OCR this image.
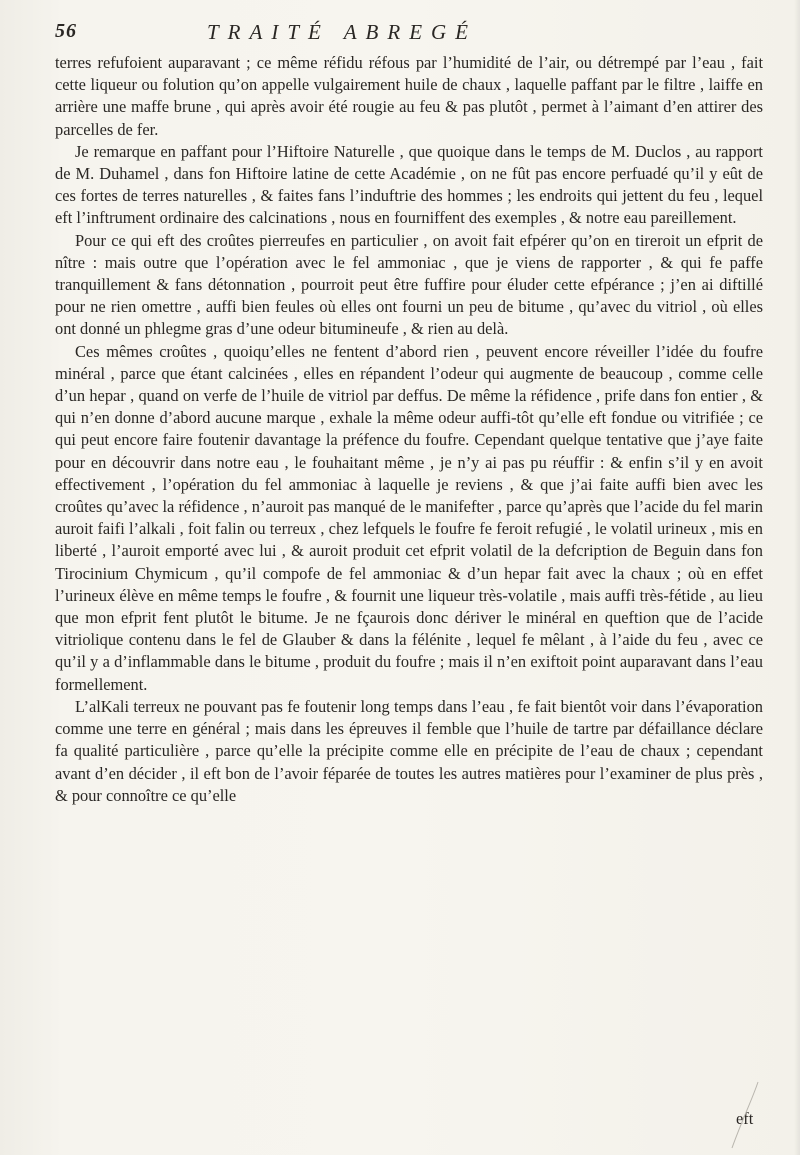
56	TRAITÉ ABREGÉ

terres refufoient auparavant ; ce même réfidu réfous par l’humidité de l’air, ou détrempé par l’eau , fait cette liqueur ou folution qu’on appelle vulgairement huile de chaux , laquelle paffant par le filtre , laiffe en arrière une maffe brune , qui après avoir été rougie au feu & pas plutôt , permet à l’aimant d’en attirer des parcelles de fer.

Je remarque en paffant pour l’Hiftoire Naturelle , que quoique dans le temps de M. Duclos , au rapport de M. Duhamel , dans fon Hiftoire latine de cette Académie , on ne fût pas encore perfuadé qu’il y eût de ces fortes de terres naturelles , & faites fans l’induftrie des hommes ; les endroits qui jettent du feu , lequel eft l’inftrument ordinaire des calcinations , nous en fourniffent des exemples , & notre eau pareillement.

Pour ce qui eft des croûtes pierreufes en particulier , on avoit fait efpérer qu’on en tireroit un efprit de nître : mais outre que l’opération avec le fel ammoniac , que je viens de rapporter , & qui fe paffe tranquillement & fans détonnation , pourroit peut être fuffire pour éluder cette efpérance ; j’en ai diftillé pour ne rien omettre , auffi bien feules où elles ont fourni un peu de bitume , qu’avec du vitriol , où elles ont donné un phlegme gras d’une odeur bitumineufe , & rien au delà.

Ces mêmes croûtes , quoiqu’elles ne fentent d’abord rien , peuvent encore réveiller l’idée du foufre minéral , parce que étant calcinées , elles en répandent l’odeur qui augmente de beaucoup , comme celle d’un hepar , quand on verfe de l’huile de vitriol par deffus. De même la réfidence , prife dans fon entier , & qui n’en donne d’abord aucune marque , exhale la même odeur auffi-tôt qu’elle eft fondue ou vitrifiée ; ce qui peut encore faire foutenir davantage la préfence du foufre. Cependant quelque tentative que j’aye faite pour en découvrir dans notre eau , le fouhaitant même , je n’y ai pas pu réuffir : & enfin s’il y en avoit effectivement , l’opération du fel ammoniac à laquelle je reviens , & que j’ai faite auffi bien avec les croûtes qu’avec la réfidence , n’auroit pas manqué de le manifefter , parce qu’après que l’acide du fel marin auroit faifi l’alkali , foit falin ou terreux , chez lefquels le foufre fe feroit refugié , le volatil urineux , mis en liberté , l’auroit emporté avec lui , & auroit produit cet efprit volatil de la defcription de Beguin dans fon Tirocinium Chymicum , qu’il compofe de fel ammoniac & d’un hepar fait avec la chaux ; où en effet l’urineux élève en même temps le foufre , & fournit une liqueur très-volatile , mais auffi très-fétide , au lieu que mon efprit fent plutôt le bitume. Je ne fçaurois donc dériver le minéral en queftion que de l’acide vitriolique contenu dans le fel de Glauber & dans la félénite , lequel fe mêlant , à l’aide du feu , avec ce qu’il y a d’inflammable dans le bitume , produit du foufre ; mais il n’en exiftoit point auparavant dans l’eau formellement.

L’alKali terreux ne pouvant pas fe foutenir long temps dans l’eau , fe fait bientôt voir dans l’évaporation comme une terre en général ; mais dans les épreuves il femble que l’huile de tartre par défaillance déclare fa qualité particulière , parce qu’elle la précipite comme elle en précipite de l’eau de chaux ; cependant avant d’en décider , il eft bon de l’avoir féparée de toutes les autres matières pour l’examiner de plus près , & pour connoître ce qu’elle

eft
